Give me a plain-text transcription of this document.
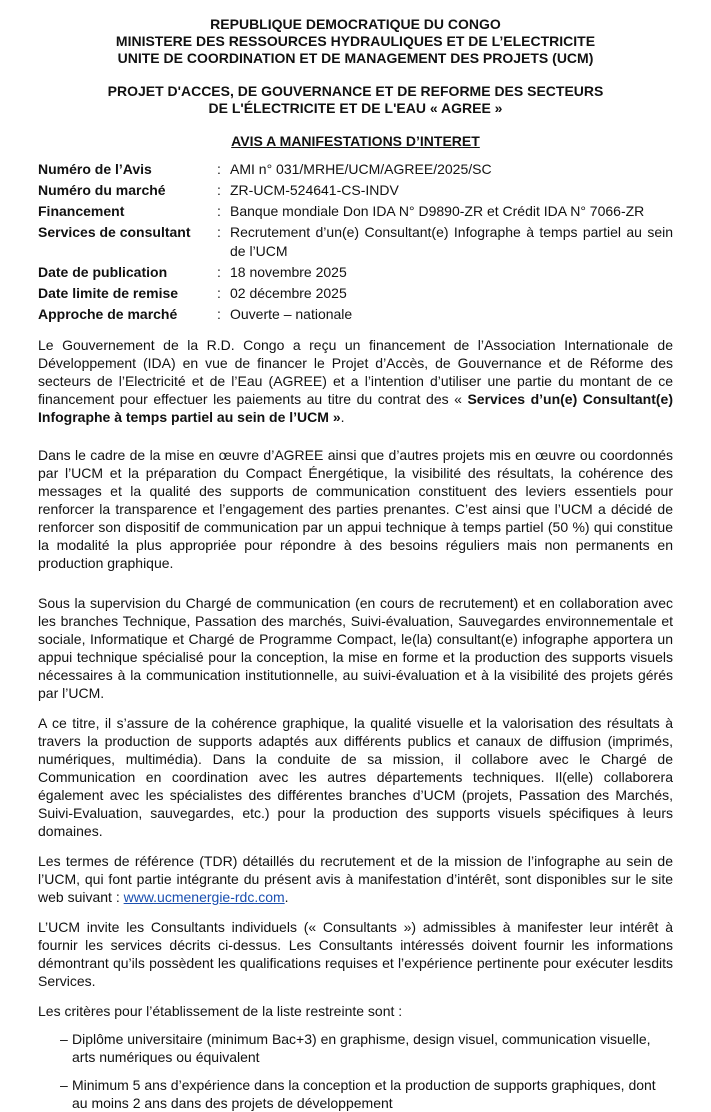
REPUBLIQUE DEMOCRATIQUE DU CONGO
MINISTERE DES RESSOURCES HYDRAULIQUES ET DE L’ELECTRICITE
UNITE DE COORDINATION ET DE MANAGEMENT DES PROJETS (UCM)
PROJET D'ACCES, DE GOUVERNANCE ET DE REFORME DES SECTEURS
DE L'ÉLECTRICITE ET DE L'EAU « AGREE »
AVIS A MANIFESTATIONS D’INTERET
Numéro de l’Avis	: AMI n° 031/MRHE/UCM/AGREE/2025/SC
Numéro du marché	: ZR-UCM-524641-CS-INDV
Financement	: Banque mondiale Don IDA N° D9890-ZR et Crédit IDA N° 7066-ZR
Services de consultant	: Recrutement d’un(e) Consultant(e) Infographe à temps partiel au sein de l’UCM
Date de publication	: 18 novembre 2025
Date limite de remise	: 02 décembre 2025
Approche de marché	: Ouverte – nationale

Le Gouvernement de la R.D. Congo a reçu un financement de l’Association Internationale de Développement (IDA) en vue de financer le Projet d’Accès, de Gouvernance et de Réforme des secteurs de l’Electricité et de l’Eau (AGREE) et a l’intention d’utiliser une partie du montant de ce financement pour effectuer les paiements au titre du contrat des « Services d’un(e) Consultant(e) Infographe à temps partiel au sein de l’UCM ».

Dans le cadre de la mise en œuvre d’AGREE ainsi que d’autres projets mis en œuvre ou coordonnés par l’UCM et la préparation du Compact Énergétique, la visibilité des résultats, la cohérence des messages et la qualité des supports de communication constituent des leviers essentiels pour renforcer la transparence et l’engagement des parties prenantes. C’est ainsi que l’UCM a décidé de renforcer son dispositif de communication par un appui technique à temps partiel (50 %) qui constitue la modalité la plus appropriée pour répondre à des besoins réguliers mais non permanents en production graphique.

Sous la supervision du Chargé de communication (en cours de recrutement) et en collaboration avec les branches Technique, Passation des marchés, Suivi-évaluation, Sauvegardes environnementale et sociale, Informatique et Chargé de Programme Compact, le(la) consultant(e) infographe apportera un appui technique spécialisé pour la conception, la mise en forme et la production des supports visuels nécessaires à la communication institutionnelle, au suivi-évaluation et à la visibilité des projets gérés par l’UCM.

A ce titre, il s’assure de la cohérence graphique, la qualité visuelle et la valorisation des résultats à travers la production de supports adaptés aux différents publics et canaux de diffusion (imprimés, numériques, multimédia). Dans la conduite de sa mission, il collabore avec le Chargé de Communication en coordination avec les autres départements techniques. Il(elle) collaborera également avec les spécialistes des différentes branches d’UCM (projets, Passation des Marchés, Suivi-Evaluation, sauvegardes, etc.) pour la production des supports visuels spécifiques à leurs domaines.

Les termes de référence (TDR) détaillés du recrutement et de la mission de l’infographe au sein de l’UCM, qui font partie intégrante du présent avis à manifestation d’intérêt, sont disponibles sur le site web suivant : www.ucmenergie-rdc.com.

L’UCM invite les Consultants individuels (« Consultants ») admissibles à manifester leur intérêt à fournir les services décrits ci-dessus. Les Consultants intéressés doivent fournir les informations démontrant qu’ils possèdent les qualifications requises et l’expérience pertinente pour exécuter lesdits Services.

Les critères pour l’établissement de la liste restreinte sont :

– Diplôme universitaire (minimum Bac+3) en graphisme, design visuel, communication visuelle, arts numériques ou équivalent
– Minimum 5 ans d’expérience dans la conception et la production de supports graphiques, dont au moins 2 ans dans des projets de développement
